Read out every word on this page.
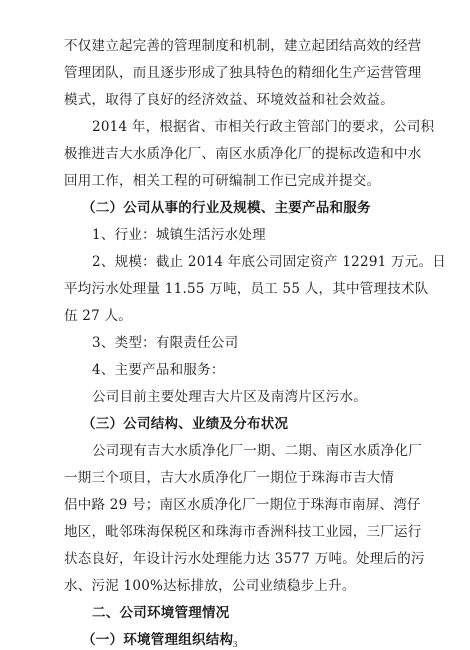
不仅建立起完善的管理制度和机制，建立起团结高效的经营
管理团队，而且逐步形成了独具特色的精细化生产运营管理
模式，取得了良好的经济效益、环境效益和社会效益。
2014 年，根据省、市相关行政主管部门的要求，公司积
极推进吉大水质净化厂、南区水质净化厂的提标改造和中水
回用工作，相关工程的可研编制工作已完成并提交。
（二）公司从事的行业及规模、主要产品和服务
1、行业：城镇生活污水处理
2、规模：截止 2014 年底公司固定资产 12291 万元。日
平均污水处理量 11.55 万吨，员工 55 人，其中管理技术队
伍 27 人。
3、类型：有限责任公司
4、主要产品和服务：
公司目前主要处理吉大片区及南湾片区污水。
（三）公司结构、业绩及分布状况
公司现有吉大水质净化厂一期、二期、南区水质净化厂
一期三个项目，吉大水质净化厂一期位于珠海市吉大情
侣中路 29 号；南区水质净化厂一期位于珠海市南屏、湾仔
地区，毗邻珠海保税区和珠海市香洲科技工业园，三厂运行
状态良好，年设计污水处理能力达 3577 万吨。处理后的污
水、污泥 100%达标排放，公司业绩稳步上升。
二、公司环境管理情况
（一）环境管理组织结构 3
